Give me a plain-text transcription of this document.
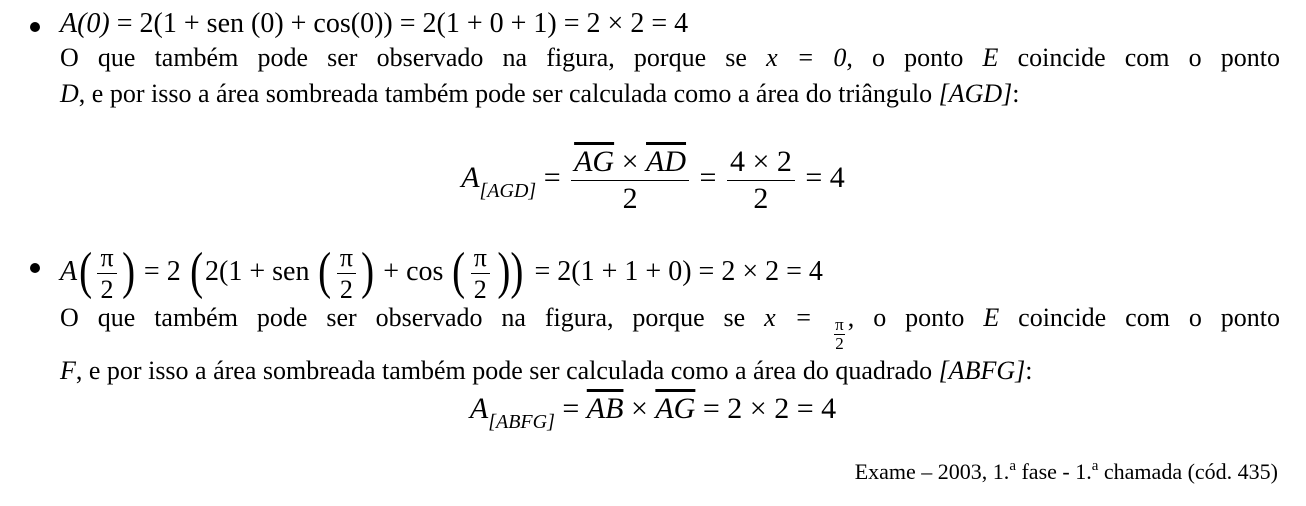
A(0) = 2(1 + sen (0) + cos(0)) = 2(1 + 0 + 1) = 2 × 2 = 4
O que também pode ser observado na figura, porque se x = 0, o ponto E coincide com o ponto
D, e por isso a área sombreada também pode ser calculada como a área do triângulo [AGD]:
$A_{[AGD]} = \frac{\overline{AG} \times \overline{AD}}{2} = \frac{4 \times 2}{2} = 4$
$A( \frac{\pi}{2}$ ) = 2 (2(1 + sen ( $\frac{\pi}{2}$ ) + cos ( $\frac{\pi}{2}$ )) = 2(1 + 1 + 0) = 2 × 2 = 4
O que também pode ser observado na figura, porque se $x = \frac{\pi}{2}$ , o ponto E coincide com o ponto
F, e por isso a área sombreada também pode ser calculada como a área do quadrado [ABFG]:
$A_{[ABFG]} = \overline{AB} \times \overline{AG} = 2 \times 2 = 4$
Exame – 2003, 1.$^a$ fase - 1.$^a$ chamada (cód. 435)
